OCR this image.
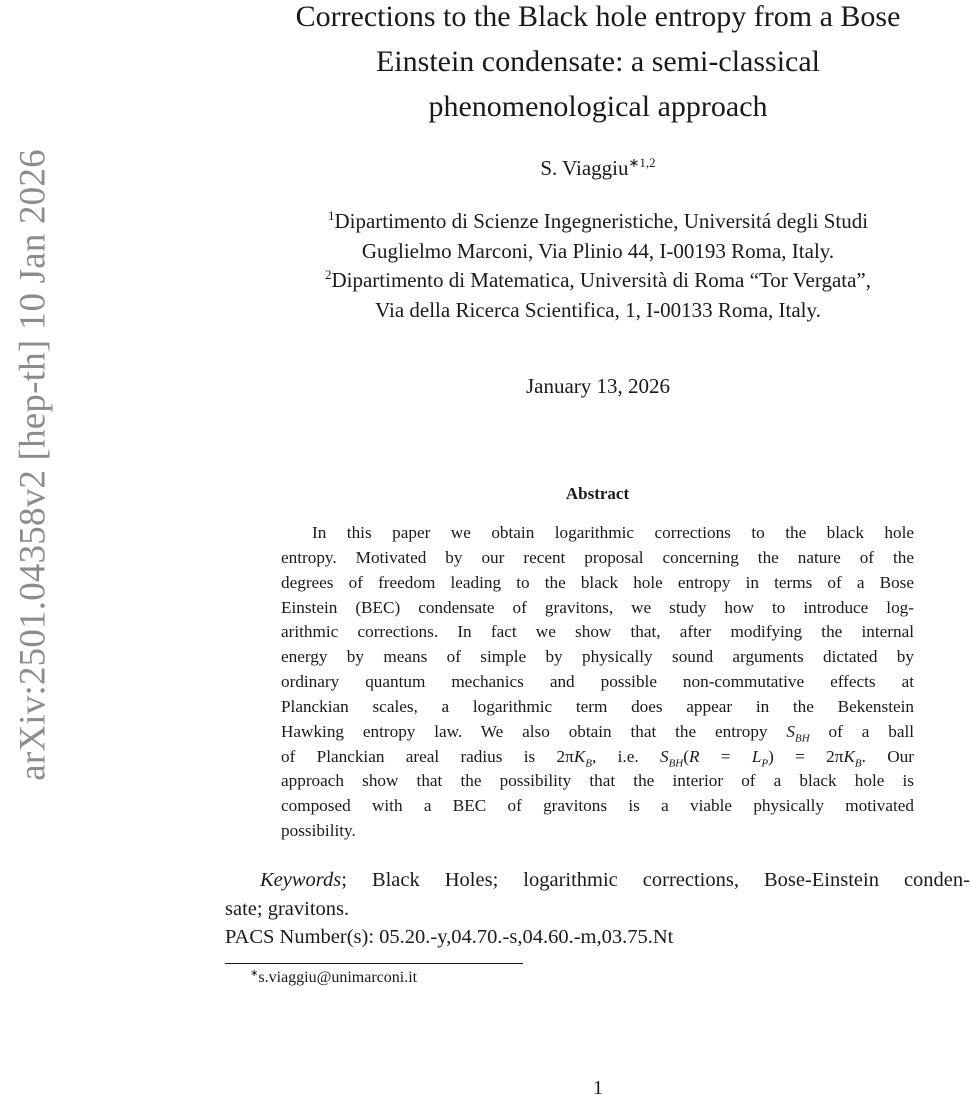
arXiv:2501.04358v2 [hep-th] 10 Jan 2026
Corrections to the Black hole entropy from a Bose
Einstein condensate: a semi-classical
phenomenological approach
S. Viaggiu$^{∗1,2}$
$^1$Dipartimento di Scienze Ingegneristiche, Universitá degli Studi
Guglielmo Marconi, Via Plinio 44, I-00193 Roma, Italy.
$^2$Dipartimento di Matematica, Università di Roma “Tor Vergata”,
Via della Ricerca Scientifica, 1, I-00133 Roma, Italy.
January 13, 2026
Abstract
In this paper we obtain logarithmic corrections to the black hole
entropy. Motivated by our recent proposal concerning the nature of the
degrees of freedom leading to the black hole entropy in terms of a Bose
Einstein (BEC) condensate of gravitons, we study how to introduce log-
arithmic corrections. In fact we show that, after modifying the internal
energy by means of simple by physically sound arguments dictated by
ordinary quantum mechanics and possible non-commutative effects at
Planckian scales, a logarithmic term does appear in the Bekenstein
Hawking entropy law. We also obtain that the entropy $S_{BH}$ of a ball
of Planckian areal radius is $2\pi K_B$, i.e. $S_{BH}(R = L_P) = 2\pi K_B$. Our
approach show that the possibility that the interior of a black hole is
composed with a BEC of gravitons is a viable physically motivated
possibility.
Keywords; Black Holes; logarithmic corrections, Bose-Einstein conden-
sate; gravitons.
PACS Number(s): 05.20.-y,04.70.-s,04.60.-m,03.75.Nt
∗s.viaggiu@unimarconi.it
1
